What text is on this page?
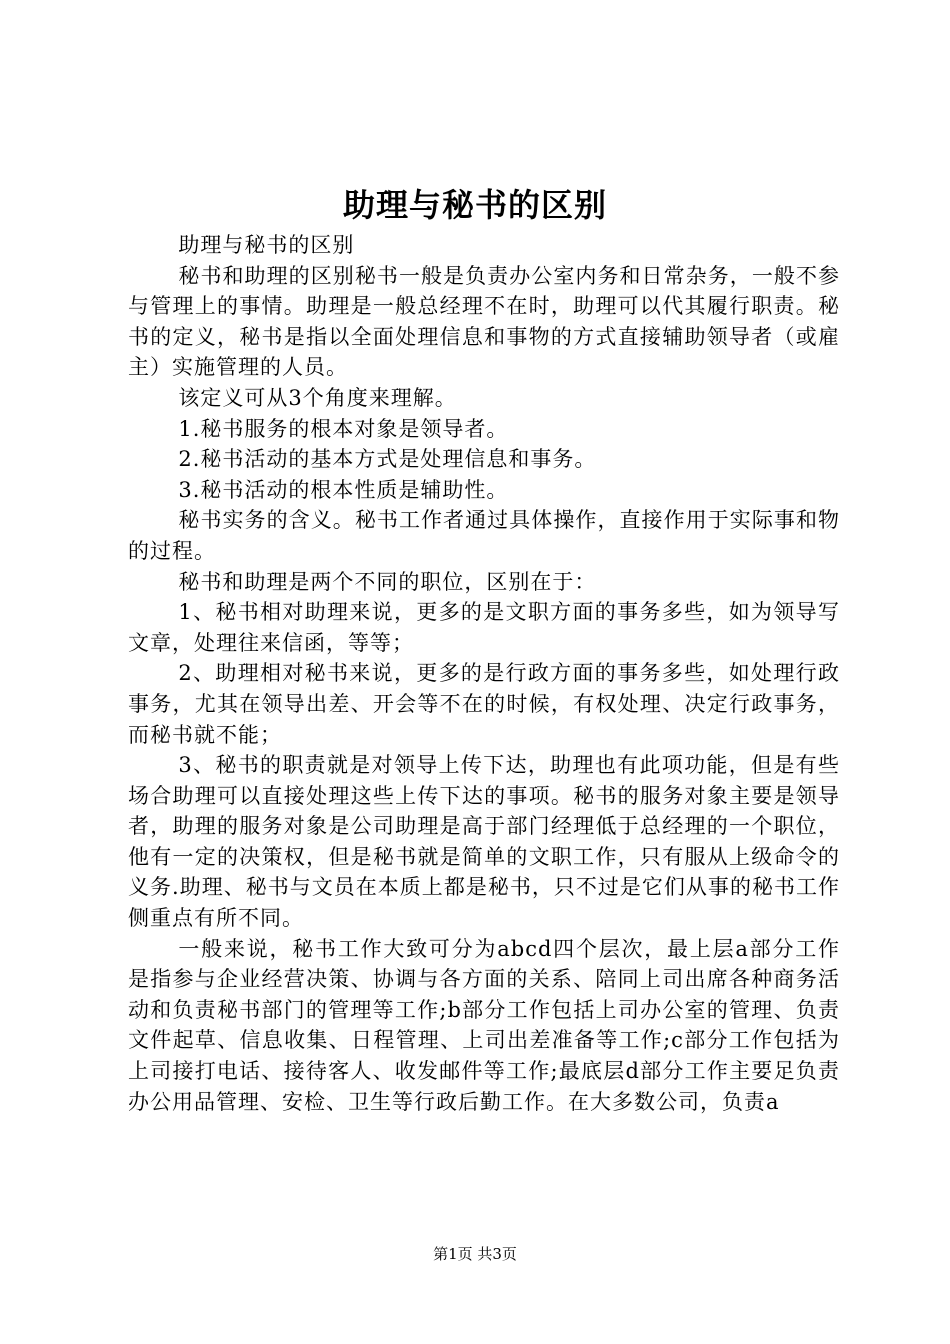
助理与秘书的区别

助理与秘书的区别

秘书和助理的区别秘书一般是负责办公室内务和日常杂务，一般不参与管理上的事情。助理是一般总经理不在时，助理可以代其履行职责。秘书的定义，秘书是指以全面处理信息和事物的方式直接辅助领导者（或雇主）实施管理的人员。

该定义可从3个角度来理解。

1.秘书服务的根本对象是领导者。

2.秘书活动的基本方式是处理信息和事务。

3.秘书活动的根本性质是辅助性。

秘书实务的含义。秘书工作者通过具体操作，直接作用于实际事和物的过程。

秘书和助理是两个不同的职位，区别在于：

1、秘书相对助理来说，更多的是文职方面的事务多些，如为领导写文章，处理往来信函，等等；

2、助理相对秘书来说，更多的是行政方面的事务多些，如处理行政事务，尤其在领导出差、开会等不在的时候，有权处理、决定行政事务，而秘书就不能；

3、秘书的职责就是对领导上传下达，助理也有此项功能，但是有些场合助理可以直接处理这些上传下达的事项。秘书的服务对象主要是领导者，助理的服务对象是公司助理是高于部门经理低于总经理的一个职位，他有一定的决策权，但是秘书就是简单的文职工作，只有服从上级命令的义务.助理、秘书与文员在本质上都是秘书，只不过是它们从事的秘书工作侧重点有所不同。

一般来说，秘书工作大致可分为abcd四个层次，最上层a部分工作是指参与企业经营决策、协调与各方面的关系、陪同上司出席各种商务活动和负责秘书部门的管理等工作;b部分工作包括上司办公室的管理、负责文件起草、信息收集、日程管理、上司出差准备等工作;c部分工作包括为上司接打电话、接待客人、收发邮件等工作;最底层d部分工作主要足负责办公用品管理、安检、卫生等行政后勤工作。在大多数公司，负责a

第1页 共3页
